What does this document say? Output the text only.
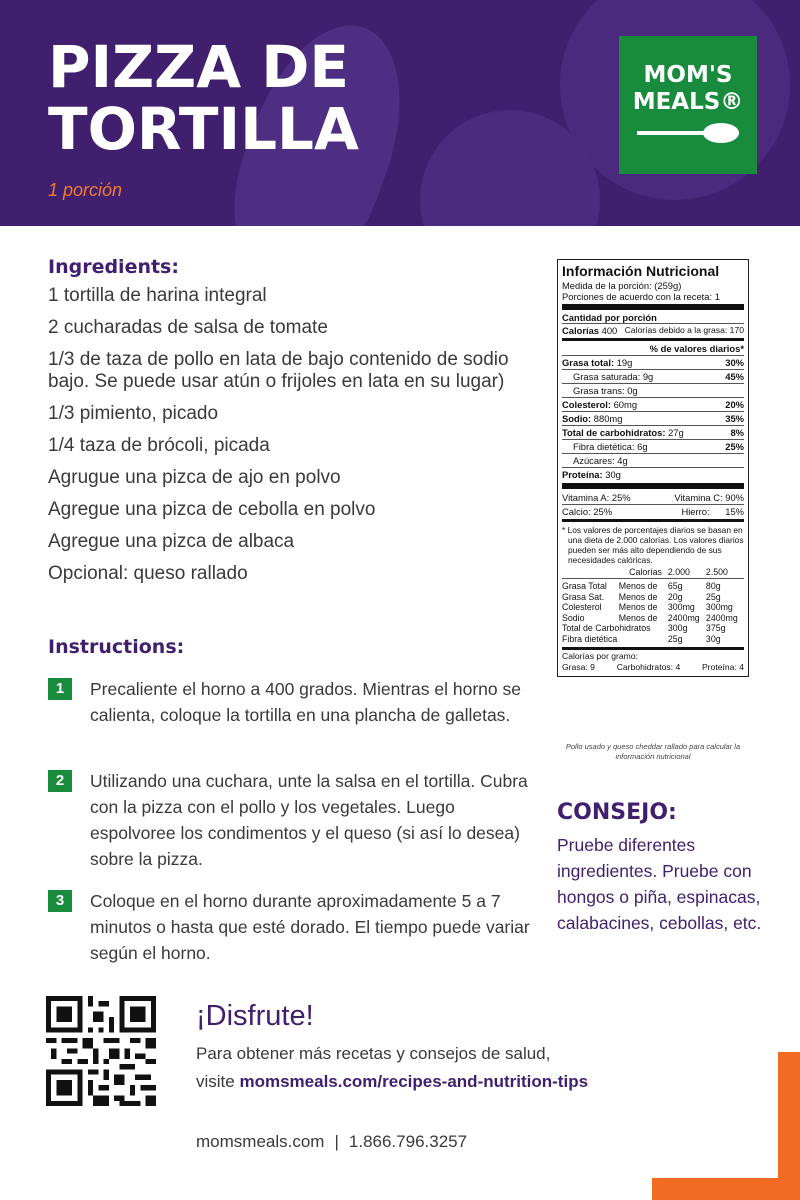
PIZZA DE
TORTILLA
1 porción
MOM'S
MEALS®
Ingredients:
1 tortilla de harina integral
2 cucharadas de salsa de tomate
1/3 de taza de pollo en lata de bajo contenido de sodio bajo. Se puede usar atún o frijoles en lata en su lugar)
1/3 pimiento, picado
1/4 taza de brócoli, picada
Agrugue una pizca de ajo en polvo
Agregue una pizca de cebolla en polvo
Agregue una pizca de albaca
Opcional: queso rallado
Instructions:
1	Precaliente el horno a 400 grados. Mientras el horno se calienta, coloque la tortilla en una plancha de galletas.
2	Utilizando una cuchara, unte la salsa en el tortilla. Cubra con la pizza con el pollo y los vegetales. Luego espolvoree los condimentos y el queso (si así lo desea) sobre la pizza.
3	Coloque en el horno durante aproximadamente 5 a 7 minutos o hasta que esté dorado. El tiempo puede variar según el horno.
Información Nutricional
Medida de la porción: (259g)
Porciones de acuerdo con la receta: 1
Cantidad por porción
Calorías 400 Calorías debido a la grasa: 170
% de valores diarios*
Grasa total: 19g	30%
Grasa saturada: 9g	45%
Grasa trans: 0g
Colesterol: 60mg	20%
Sodio: 880mg	35%
Total de carbohidratos: 27g	8%
Fibra dietética: 6g	25%
Azúcares: 4g
Proteína: 30g
Vitamina A: 25%	Vitamina C: 90%
Calcio: 25%	Hierro: 15%
* Los valores de porcentajes diarios se basan en una dieta de 2.000 calorías. Los valores diarios pueden ser más alto dependiendo de sus necesidades calóricas.
	Calorías	2.000	2.500

Grasa Total	Menos de	65g	80g
Grasa Sat.	Menos de	20g	25g
Colesterol	Menos de	300mg	300mg
Sodio	Menos de	2400mg	2400mg
Total de Carbohidratos		300g	375g
Fibra dietética		25g	30g
Calorías por gramo:
Grasa: 9	Carbohidratos: 4	Proteína: 4
Pollo usado y queso cheddar rallado para calcular la información nutricional
CONSEJO:
Pruebe diferentes ingredientes. Pruebe con hongos o piña, espinacas, calabacines, cebollas, etc.
¡Disfrute!
Para obtener más recetas y consejos de salud,
visite momsmeals.com/recipes-and-nutrition-tips
momsmeals.com | 1.866.796.3257
